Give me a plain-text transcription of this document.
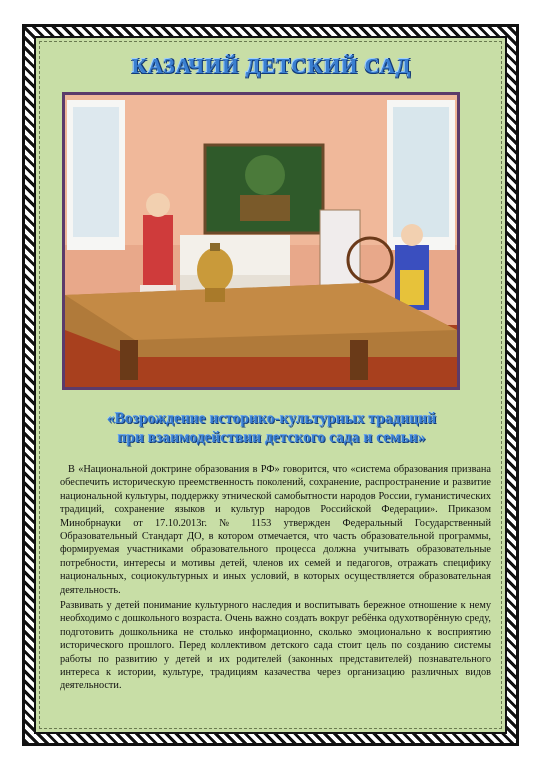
КАЗАЧИЙ ДЕТСКИЙ САД
«Возрождение историко-культурных традиций
при взаимодействии детского сада и семьи»
В «Национальной доктрине образования в РФ» говорится, что «система образования призвана обеспечить историческую преемственность поколений, сохранение, распространение и развитие национальной культуры, поддержку этнической самобытности народов России, гуманистических традиций, сохранение языков и культур народов Российской Федерации». Приказом Минобрнауки от 17.10.2013г. № 1153 утвержден Федеральный Государственный Образовательный Стандарт ДО, в котором отмечается, что часть образовательной программы, формируемая участниками образовательного процесса должна учитывать образовательные потребности, интересы и мотивы детей, членов их семей и педагогов, отражать специфику национальных, социокультурных и иных условий, в которых осуществляется образовательная деятельность.
Развивать у детей понимание культурного наследия и воспитывать бережное отношение к нему необходимо с дошкольного возраста. Очень важно создать вокруг ребёнка одухотворённую среду, подготовить дошкольника не столько информационно, сколько эмоционально к восприятию исторического прошлого. Перед коллективом детского сада стоит цель по созданию системы работы по развитию у детей и их родителей (законных представителей) познавательного интереса к истории, культуре, традициям казачества через организацию различных видов деятельности.
